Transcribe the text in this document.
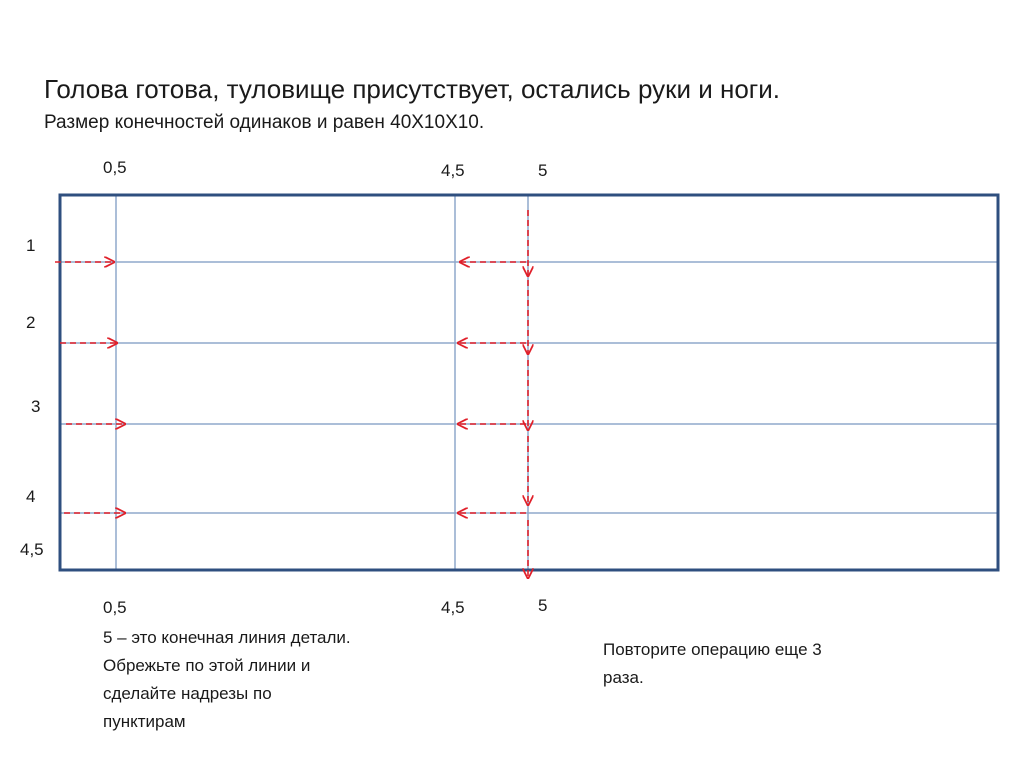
Голова готова, туловище присутствует, остались руки и ноги.
Размер конечностей одинаков и равен 40Х10Х10.
0,5	4,5	5
0,5	4,5	5
1
2
3
4
4,5
5 – это конечная линия детали.
Обрежьте по этой линии и
сделайте надрезы по
пунктирам
Повторите операцию еще 3
раза.
